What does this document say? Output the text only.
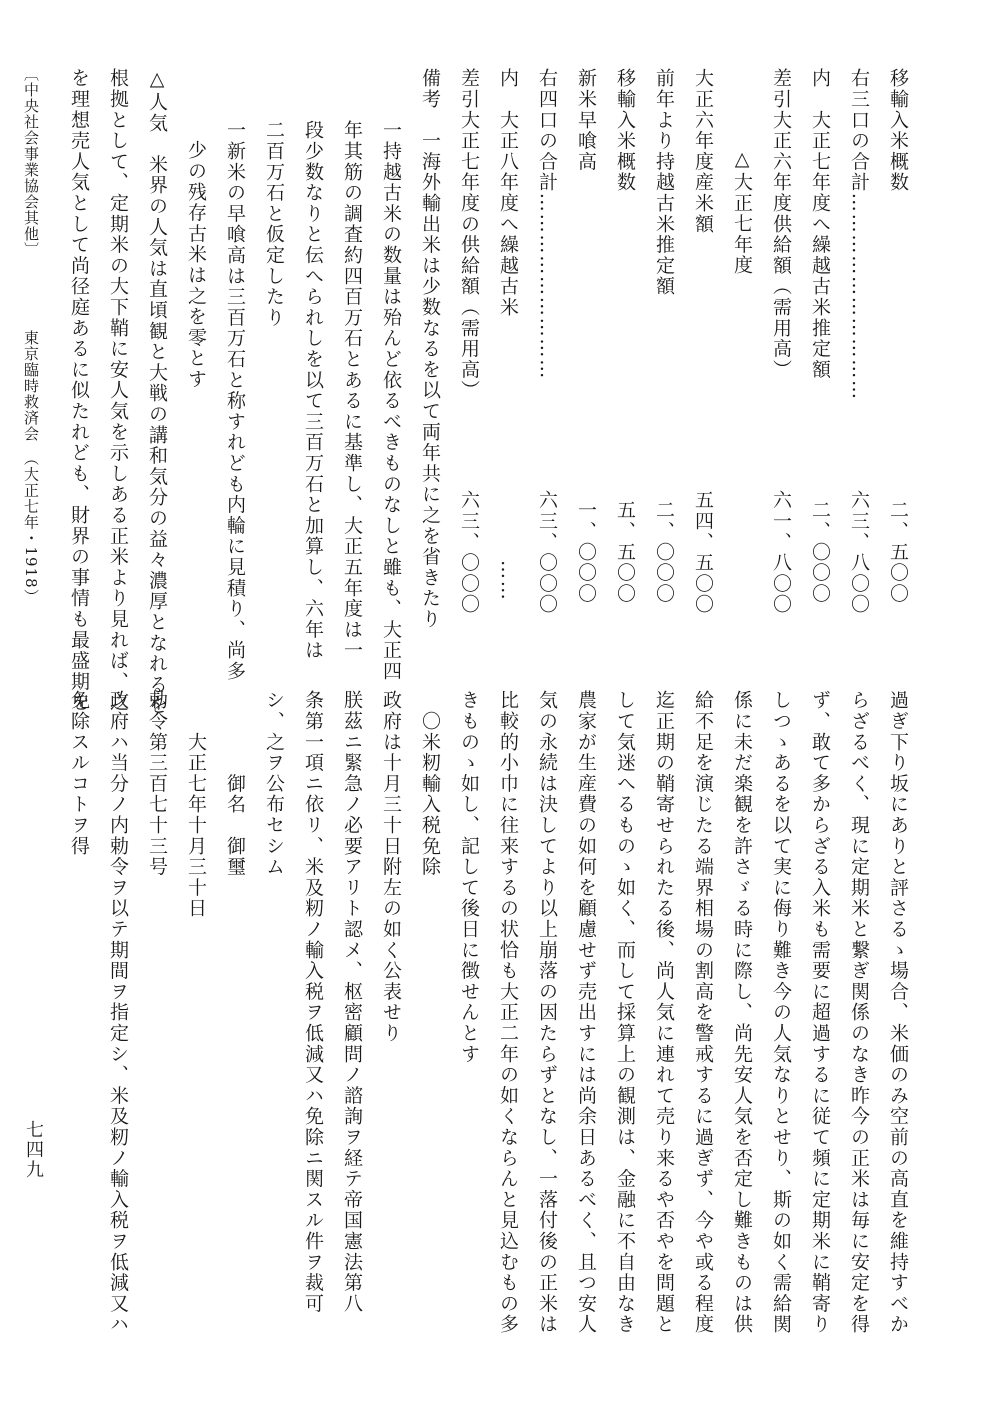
移輸入米概数
二、五〇〇
右三口の合計…………………………
六三、八〇〇
内　大正七年度へ繰越古米推定額
二、〇〇〇
差引大正六年度供給額（需用高）
六一、八〇〇
△大正七年度
大正六年度産米額
五四、五〇〇
前年より持越古米推定額
二、〇〇〇
移輸入米概数
五、五〇〇
新米早喰高
一、〇〇〇
右四口の合計………………………
六三、〇〇〇
内　大正八年度へ繰越古米
……
差引大正七年度の供給額（需用高）
六三、〇〇〇
備考　一海外輸出米は少数なるを以て両年共に之を省きたり
一持越古米の数量は殆んど依るべきものなしと雖も、大正四
年其筋の調査約四百万石とあるに基準し、大正五年度は一
段少数なりと伝へられしを以て三百万石と加算し、六年は
二百万石と仮定したり
一新米の早喰高は三百万石と称すれども内輪に見積り、尚多
少の残存古米は之を零とす
△人気　米界の人気は直頃観と大戦の講和気分の益々濃厚となれるを
根拠として、定期米の大下鞘に安人気を示しある正米より見れば、之
を理想売人気として尚径庭あるに似たれども、財界の事情も最盛期を
〔中央社会事業協会其他〕
東京臨時救済会　（大正七年・1918）
過ぎ下り坂にありと評さるゝ場合、米価のみ空前の高直を維持すべか
らざるべく、現に定期米と繋ぎ関係のなき昨今の正米は毎に安定を得
ず、敢て多からざる入米も需要に超過するに従て頻に定期米に鞘寄り
しつゝあるを以て実に侮り難き今の人気なりとせり、斯の如く需給関
係に未だ楽観を許さゞる時に際し、尚先安人気を否定し難きものは供
給不足を演じたる端界相場の割高を警戒するに過ぎず、今や或る程度
迄正期の鞘寄せられたる後、尚人気に連れて売り来るや否やを問題と
して気迷へるものゝ如く、而して採算上の観測は、金融に不自由なき
農家が生産費の如何を顧慮せず売出すには尚余日あるべく、且つ安人
気の永続は決してより以上崩落の因たらずとなし、一落付後の正米は
比較的小巾に往来するの状恰も大正二年の如くならんと見込むもの多
きものゝ如し、記して後日に徴せんとす
　〇米籾輸入税免除
政府は十月三十日附左の如く公表せり
朕茲ニ緊急ノ必要アリト認メ、枢密顧問ノ諮詢ヲ経テ帝国憲法第八
条第一項ニ依リ、米及籾ノ輸入税ヲ低減又ハ免除ニ関スル件ヲ裁可
シ、之ヲ公布セシム
　　　　御名　御璽
　　大正七年十月三十日
勅令第三百七十三号
政府ハ当分ノ内勅令ヲ以テ期間ヲ指定シ、米及籾ノ輸入税ヲ低減又ハ
免除スルコトヲ得
七四九
